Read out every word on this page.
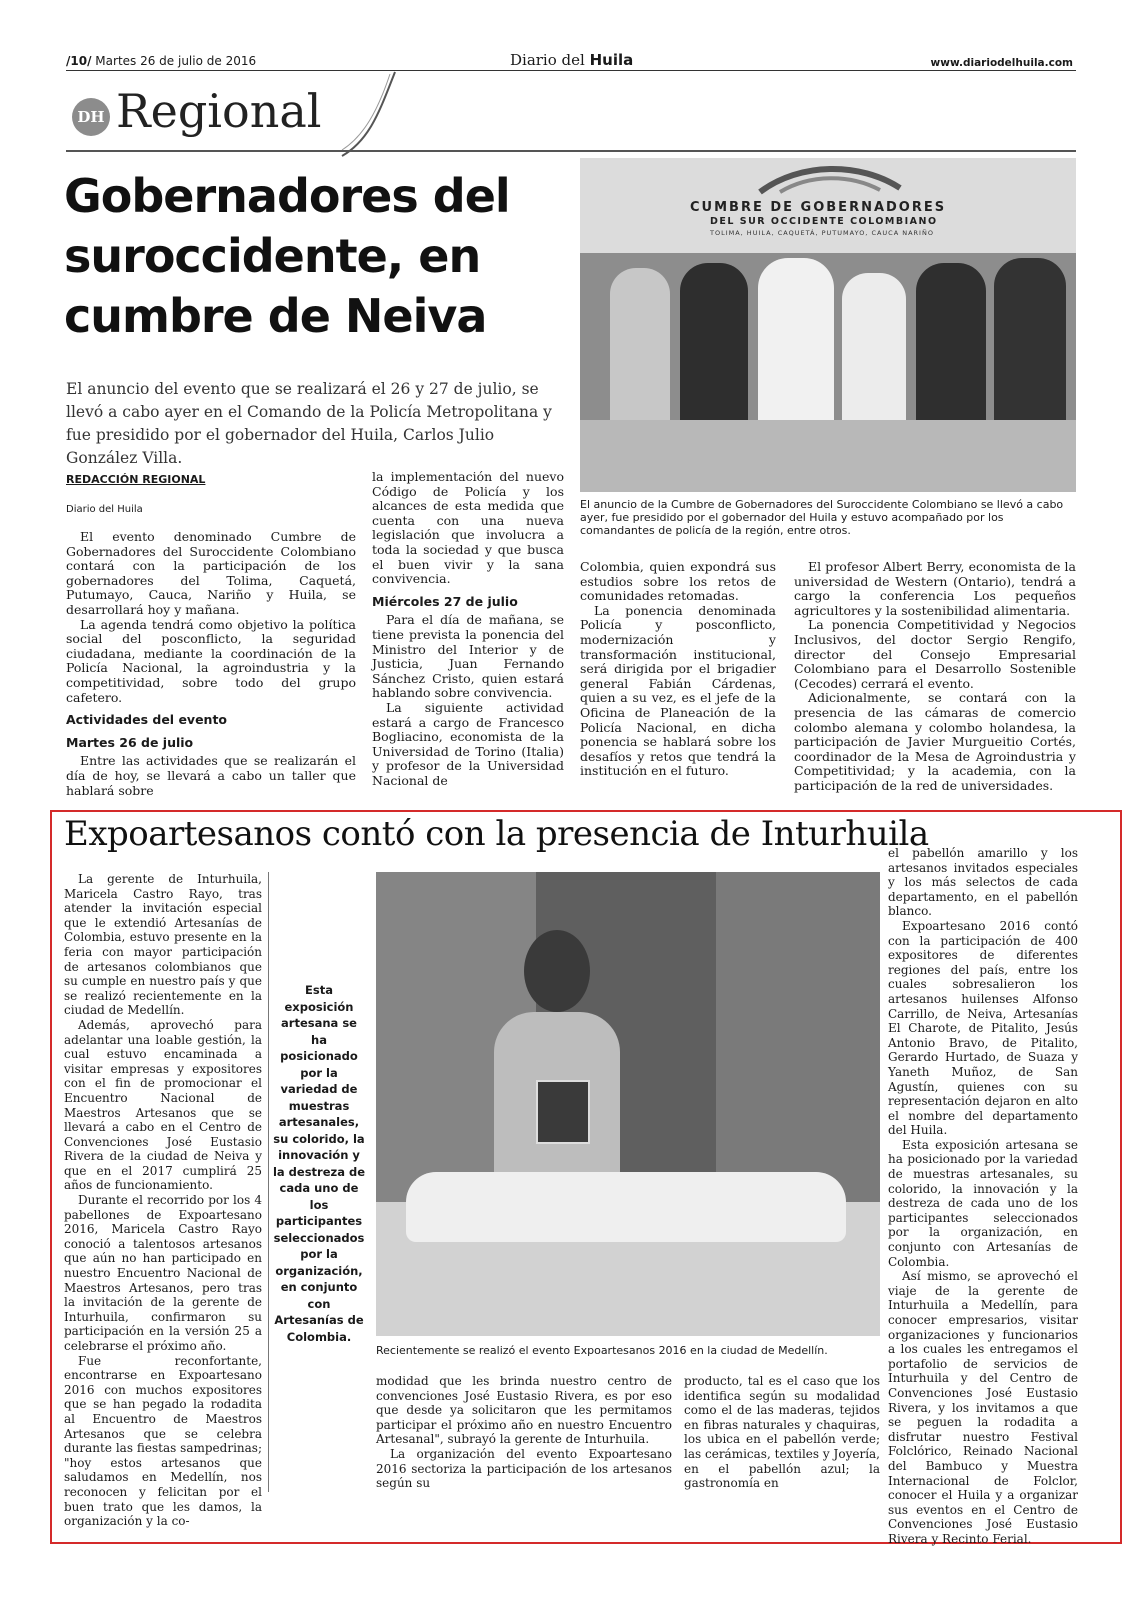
/10/ Martes 26 de julio de 2016	Diario del Huila	www.diariodelhuila.com
DH Regional
Gobernadores del suroccidente, en cumbre de Neiva
El anuncio del evento que se realizará el 26 y 27 de julio, se llevó a cabo ayer en el Comando de la Policía Metropolitana y fue presidido por el gobernador del Huila, Carlos Julio González Villa.
CUMBRE DE GOBERNADORES
DEL SUR OCCIDENTE COLOMBIANO
TOLIMA, HUILA, CAQUETÁ, PUTUMAYO, CAUCA NARIÑO
El anuncio de la Cumbre de Gobernadores del Suroccidente Colombiano se llevó a cabo ayer, fue presidido por el gobernador del Huila y estuvo acompañado por los comandantes de policía de la región, entre otros.
REDACCIÓN REGIONAL
Diario del Huila

El evento denominado Cumbre de Gobernadores del Suroccidente Colombiano contará con la participación de los gobernadores del Tolima, Caquetá, Putumayo, Cauca, Nariño y Huila, se desarrollará hoy y mañana.

La agenda tendrá como objetivo la política social del posconflicto, la seguridad ciudadana, mediante la coordinación de la Policía Nacional, la agroindustria y la competitividad, sobre todo del grupo cafetero.

Actividades del evento
Martes 26 de julio

Entre las actividades que se realizarán el día de hoy, se llevará a cabo un taller que hablará sobre

la implementación del nuevo Código de Policía y los alcances de esta medida que cuenta con una nueva legislación que involucra a toda la sociedad y que busca el buen vivir y la sana convivencia.

Miércoles 27 de julio

Para el día de mañana, se tiene prevista la ponencia del Ministro del Interior y de Justicia, Juan Fernando Sánchez Cristo, quien estará hablando sobre convivencia.

La siguiente actividad estará a cargo de Francesco Bogliacino, economista de la Universidad de Torino (Italia) y profesor de la Universidad Nacional de

Colombia, quien expondrá sus estudios sobre los retos de comunidades retomadas.

La ponencia denominada Policía y posconflicto, modernización y transformación institucional, será dirigida por el brigadier general Fabián Cárdenas, quien a su vez, es el jefe de la Oficina de Planeación de la Policía Nacional, en dicha ponencia se hablará sobre los desafíos y retos que tendrá la institución en el futuro.

El profesor Albert Berry, economista de la universidad de Western (Ontario), tendrá a cargo la conferencia Los pequeños agricultores y la sostenibilidad alimentaria.

La ponencia Competitividad y Negocios Inclusivos, del doctor Sergio Rengifo, director del Consejo Empresarial Colombiano para el Desarrollo Sostenible (Cecodes) cerrará el evento.

Adicionalmente, se contará con la presencia de las cámaras de comercio colombo alemana y colombo holandesa, la participación de Javier Murgueitio Cortés, coordinador de la Mesa de Agroindustria y Competitividad; y la academia, con la participación de la red de universidades.

Expoartesanos contó con la presencia de Inturhuila

La gerente de Inturhuila, Maricela Castro Rayo, tras atender la invitación especial que le extendió Artesanías de Colombia, estuvo presente en la feria con mayor participación de artesanos colombianos que su cumple en nuestro país y que se realizó recientemente en la ciudad de Medellín.

Además, aprovechó para adelantar una loable gestión, la cual estuvo encaminada a visitar empresas y expositores con el fin de promocionar el Encuentro Nacional de Maestros Artesanos que se llevará a cabo en el Centro de Convenciones José Eustasio Rivera de la ciudad de Neiva y que en el 2017 cumplirá 25 años de funcionamiento.

Durante el recorrido por los 4 pabellones de Expoartesano 2016, Maricela Castro Rayo conoció a talentosos artesanos que aún no han participado en nuestro Encuentro Nacional de Maestros Artesanos, pero tras la invitación de la gerente de Inturhuila, confirmaron su participación en la versión 25 a celebrarse el próximo año.

Fue reconfortante, encontrarse en Expoartesano 2016 con muchos expositores que se han pegado la rodadita al Encuentro de Maestros Artesanos que se celebra durante las fiestas sampedrinas; "hoy estos artesanos que saludamos en Medellín, nos reconocen y felicitan por el buen trato que les damos, la organización y la co-

Esta exposición artesana se ha posicionado por la variedad de muestras artesanales, su colorido, la innovación y la destreza de cada uno de los participantes seleccionados por la organización, en conjunto con Artesanías de Colombia.
Recientemente se realizó el evento Expoartesanos 2016 en la ciudad de Medellín.

modidad que les brinda nuestro centro de convenciones José Eustasio Rivera, es por eso que desde ya solicitaron que les permitamos participar el próximo año en nuestro Encuentro Artesanal", subrayó la gerente de Inturhuila.

La organización del evento Expoartesano 2016 sectoriza la participación de los artesanos según su

producto, tal es el caso que los identifica según su modalidad como el de las maderas, tejidos en fibras naturales y chaquiras, los ubica en el pabellón verde; las cerámicas, textiles y Joyería, en el pabellón azul; la gastronomía en

el pabellón amarillo y los artesanos invitados especiales y los más selectos de cada departamento, en el pabellón blanco.

Expoartesano 2016 contó con la participación de 400 expositores de diferentes regiones del país, entre los cuales sobresalieron los artesanos huilenses Alfonso Carrillo, de Neiva, Artesanías El Charote, de Pitalito, Jesús Antonio Bravo, de Pitalito, Gerardo Hurtado, de Suaza y Yaneth Muñoz, de San Agustín, quienes con su representación dejaron en alto el nombre del departamento del Huila.

Esta exposición artesana se ha posicionado por la variedad de muestras artesanales, su colorido, la innovación y la destreza de cada uno de los participantes seleccionados por la organización, en conjunto con Artesanías de Colombia.

Así mismo, se aprovechó el viaje de la gerente de Inturhuila a Medellín, para conocer empresarios, visitar organizaciones y funcionarios a los cuales les entregamos el portafolio de servicios de Inturhuila y del Centro de Convenciones José Eustasio Rivera, y los invitamos a que se peguen la rodadita a disfrutar nuestro Festival Folclórico, Reinado Nacional del Bambuco y Muestra Internacional de Folclor, conocer el Huila y a organizar sus eventos en el Centro de Convenciones José Eustasio Rivera y Recinto Ferial.
